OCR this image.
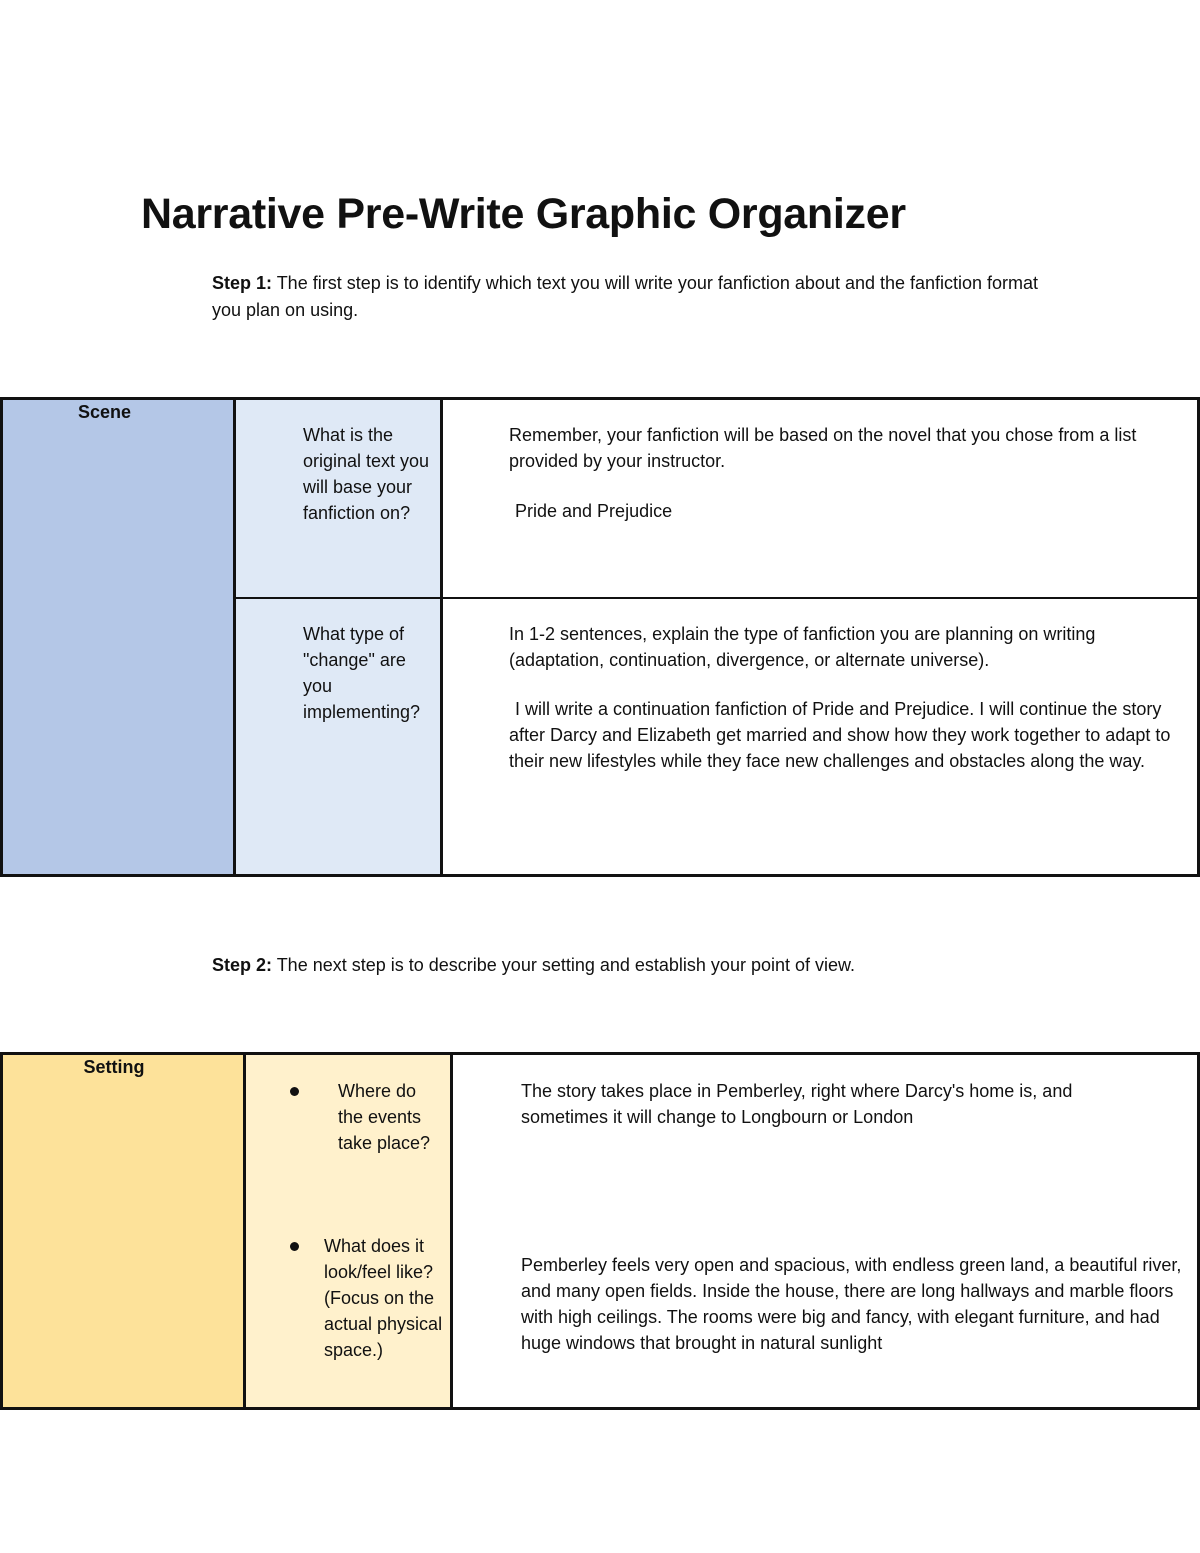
Narrative Pre-Write Graphic Organizer

Step 1: The first step is to identify which text you will write your fanfiction about and the fanfiction format you plan on using.

Scene
What is the original text you will base your fanfiction on?

Remember, your fanfiction will be based on the novel that you chose from a list provided by your instructor.

Pride and Prejudice

What type of "change" are you implementing?

In 1-2 sentences, explain the type of fanfiction you are planning on writing (adaptation, continuation, divergence, or alternate universe).

I will write a continuation fanfiction of Pride and Prejudice. I will continue the story after Darcy and Elizabeth get married and show how they work together to adapt to their new lifestyles while they face new challenges and obstacles along the way.

Step 2: The next step is to describe your setting and establish your point of view.

Setting
Where do the events take place?
The story takes place in Pemberley, right where Darcy's home is, and sometimes it will change to Longbourn or London
What does it look/feel like? (Focus on the actual physical space.)
Pemberley feels very open and spacious, with endless green land, a beautiful river, and many open fields. Inside the house, there are long hallways and marble floors with high ceilings. The rooms were big and fancy, with elegant furniture, and had huge windows that brought in natural sunlight
